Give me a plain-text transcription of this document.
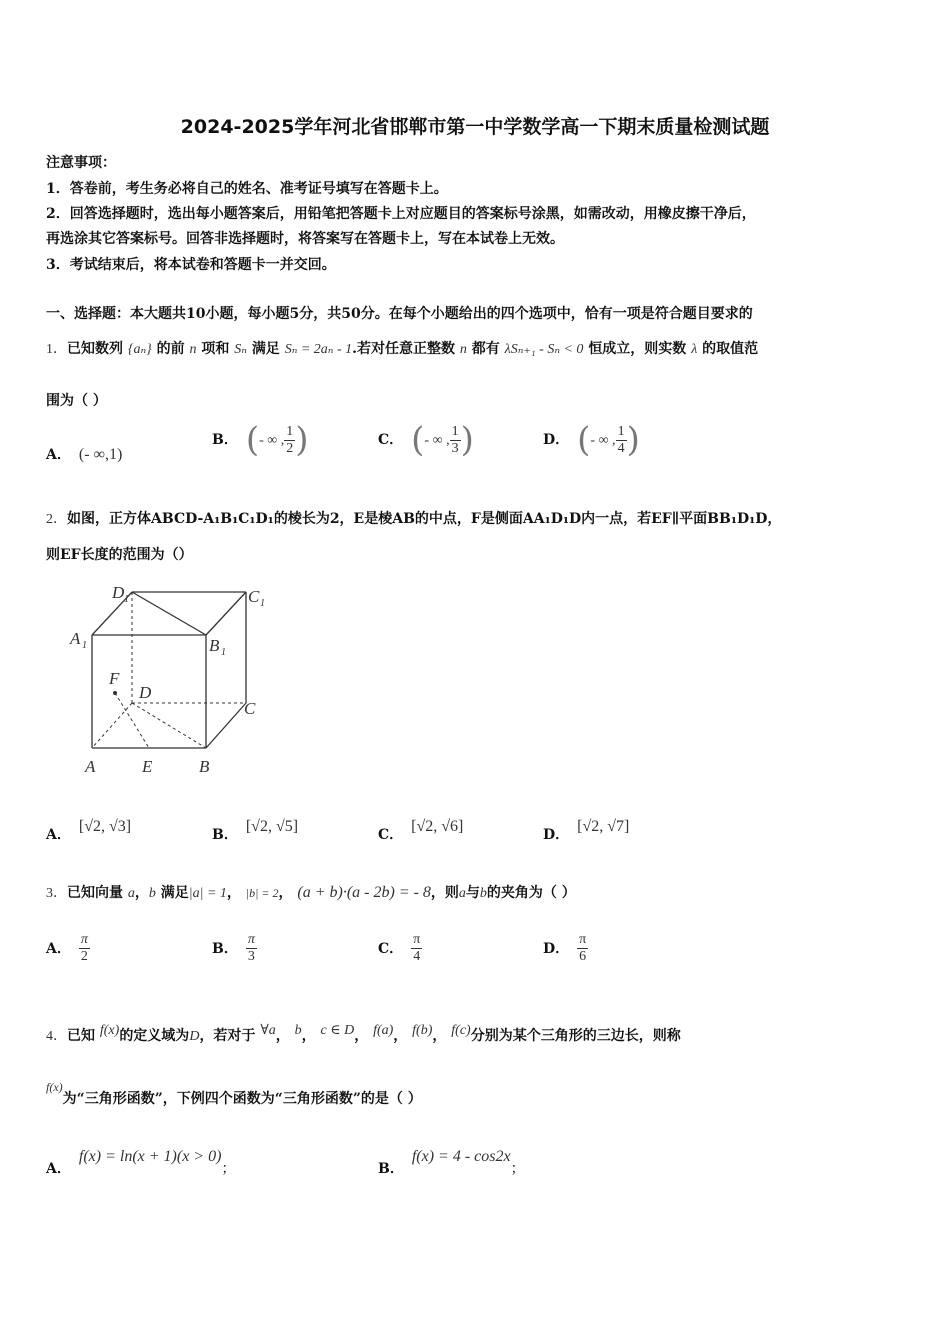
2024-2025学年河北省邯郸市第一中学数学高一下期末质量检测试题
注意事项：
1．答卷前，考生务必将自己的姓名、准考证号填写在答题卡上。
2．回答选择题时，选出每小题答案后，用铅笔把答题卡上对应题目的答案标号涂黑，如需改动，用橡皮擦干净后，
再选涂其它答案标号。回答非选择题时，将答案写在答题卡上，写在本试卷上无效。
3．考试结束后，将本试卷和答题卡一并交回。
一、选择题：本大题共10小题，每小题5分，共50分。在每个小题给出的四个选项中，恰有一项是符合题目要求的
1．已知数列 {aₙ} 的前 n 项和 Sₙ 满足 Sₙ = 2aₙ - 1.若对任意正整数 n 都有 λSₙ₊₁ - Sₙ < 0 恒成立，则实数 λ 的取值范
围为（ ）
A． (- ∞,1)
B． (- ∞ , $\frac{1}{2}$ )	C． (- ∞ , $\frac{1}{3}$ )	D． (- ∞ , $\frac{1}{4}$ )
2．如图，正方体ABCD-A₁B₁C₁D₁的棱长为2，E是棱AB的中点，F是侧面AA₁D₁D内一点，若EF∥平面BB₁D₁D，
则EF长度的范围为（）
D 1	C 1
A 1	B 1
F
D
C
A	E	B
A． [√2, √3]	B． [√2, √5]	C． [√2, √6]	D． [√2, √7]
3．已知向量 a，b 满足|a| = 1， |b| = 2， (a + b)·(a - 2b) = - 8，则a与b的夹角为（ ）
A． $\frac{\pi}{2}$	B． $\frac{\pi}{3}$	C． $\frac{\pi}{4}$	D． $\frac{\pi}{6}$
4．已知 f(x)的定义域为D，若对于 ∀a， b， c ∈ D， f(a)， f(b)， f(c)分别为某个三角形的三边长，则称
f(x)为“三角形函数”，下例四个函数为“三角形函数”的是（ ）
A．f(x) = ln(x + 1)(x > 0)；	B．f(x) = 4 - cos2x；
